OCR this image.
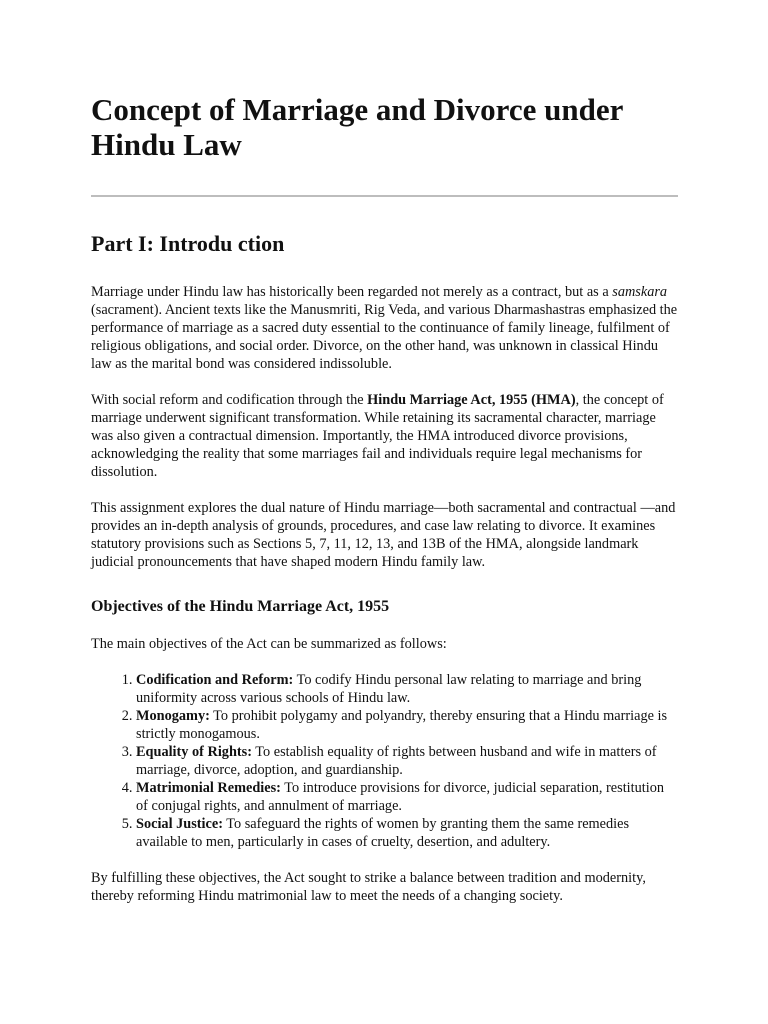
Concept of Marriage and Divorce under Hindu Law
Part I: Introdu ction

Marriage under Hindu law has historically been regarded not merely as a contract, but as a samskara (sacrament). Ancient texts like the Manusmriti, Rig Veda, and various Dharmashastras emphasized the performance of marriage as a sacred duty essential to the continuance of family lineage, fulfilment of religious obligations, and social order. Divorce, on the other hand, was unknown in classical Hindu law as the marital bond was considered indissoluble.

With social reform and codification through the Hindu Marriage Act, 1955 (HMA), the concept of marriage underwent significant transformation. While retaining its sacramental character, marriage was also given a contractual dimension. Importantly, the HMA introduced divorce provisions, acknowledging the reality that some marriages fail and individuals require legal mechanisms for dissolution.

This assignment explores the dual nature of Hindu marriage—both sacramental and contractual —and provides an in-depth analysis of grounds, procedures, and case law relating to divorce. It examines statutory provisions such as Sections 5, 7, 11, 12, 13, and 13B of the HMA, alongside landmark judicial pronouncements that have shaped modern Hindu family law.

Objectives of the Hindu Marriage Act, 1955

The main objectives of the Act can be summarized as follows:

1. Codification and Reform: To codify Hindu personal law relating to marriage and bring uniformity across various schools of Hindu law.
2. Monogamy: To prohibit polygamy and polyandry, thereby ensuring that a Hindu marriage is strictly monogamous.
3. Equality of Rights: To establish equality of rights between husband and wife in matters of marriage, divorce, adoption, and guardianship.
4. Matrimonial Remedies: To introduce provisions for divorce, judicial separation, restitution of conjugal rights, and annulment of marriage.
5. Social Justice: To safeguard the rights of women by granting them the same remedies available to men, particularly in cases of cruelty, desertion, and adultery.

By fulfilling these objectives, the Act sought to strike a balance between tradition and modernity, thereby reforming Hindu matrimonial law to meet the needs of a changing society.
